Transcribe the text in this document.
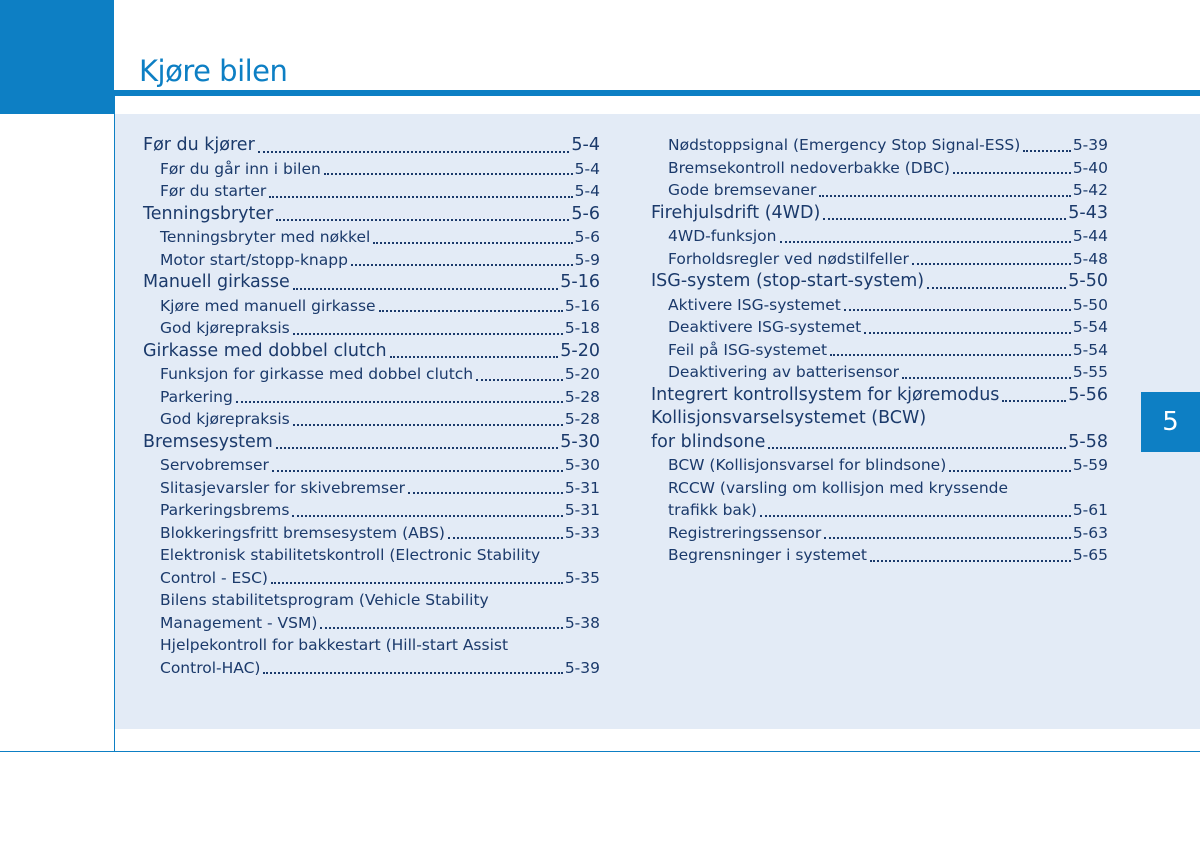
Kjøre bilen
5
Før du kjører	5-4
Før du går inn i bilen	5-4
Før du starter	5-4
Tenningsbryter	5-6
Tenningsbryter med nøkkel	5-6
Motor start/stopp-knapp	5-9
Manuell girkasse	5-16
Kjøre med manuell girkasse	5-16
God kjørepraksis	5-18
Girkasse med dobbel clutch	5-20
Funksjon for girkasse med dobbel clutch	5-20
Parkering	5-28
God kjørepraksis	5-28
Bremsesystem	5-30
Servobremser	5-30
Slitasjevarsler for skivebremser	5-31
Parkeringsbrems	5-31
Blokkeringsfritt bremsesystem (ABS)	5-33
Elektronisk stabilitetskontroll (Electronic Stability
Control - ESC)	5-35
Bilens stabilitetsprogram (Vehicle Stability
Management - VSM)	5-38
Hjelpekontroll for bakkestart (Hill-start Assist
Control-HAC)	5-39
Nødstoppsignal (Emergency Stop Signal-ESS)	5-39
Bremsekontroll nedoverbakke (DBC)	5-40
Gode bremsevaner	5-42
Firehjulsdrift (4WD)	5-43
4WD-funksjon	5-44
Forholdsregler ved nødstilfeller	5-48
ISG-system (stop-start-system)	5-50
Aktivere ISG-systemet	5-50
Deaktivere ISG-systemet	5-54
Feil på ISG-systemet	5-54
Deaktivering av batterisensor	5-55
Integrert kontrollsystem for kjøremodus	5-56
Kollisjonsvarselsystemet (BCW)
for blindsone	5-58
BCW (Kollisjonsvarsel for blindsone)	5-59
RCCW (varsling om kollisjon med kryssende
trafikk bak)	5-61
Registreringssensor	5-63
Begrensninger i systemet	5-65
